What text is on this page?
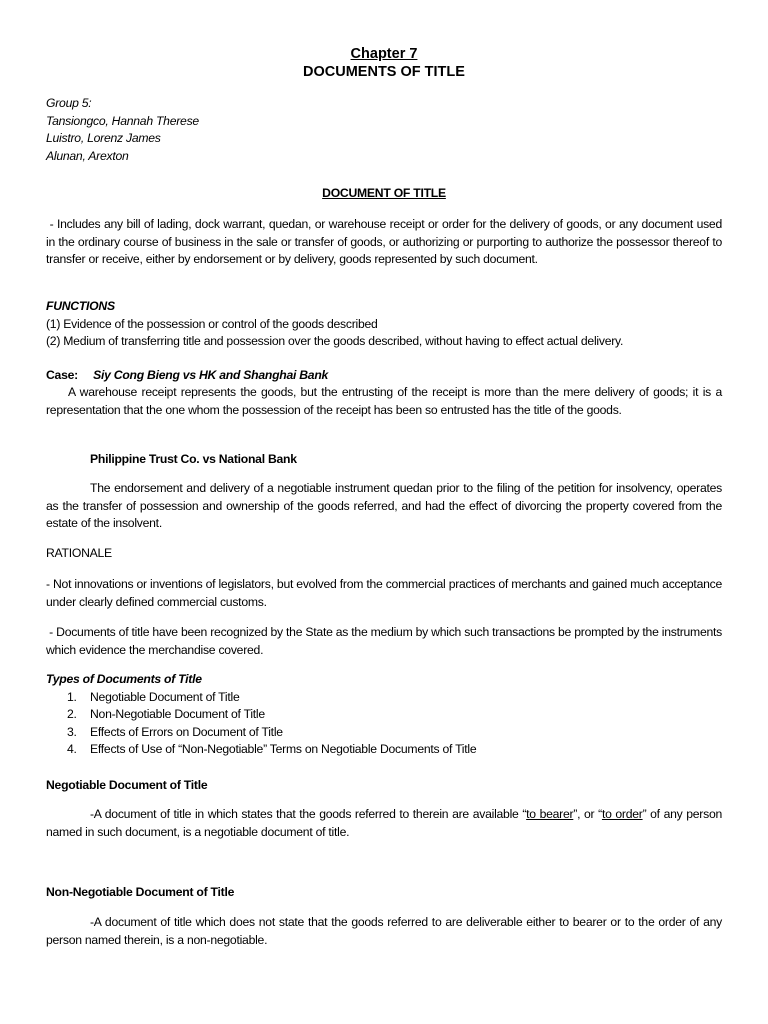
Chapter 7
DOCUMENTS OF TITLE
Group 5:
Tansiongco, Hannah Therese
Luistro, Lorenz James
Alunan, Arexton
DOCUMENT OF TITLE
- Includes any bill of lading, dock warrant, quedan, or warehouse receipt or order for the delivery of goods, or any document used in the ordinary course of business in the sale or transfer of goods, or authorizing or purporting to authorize the possessor thereof to transfer or receive, either by endorsement or by delivery, goods represented by such document.
FUNCTIONS
(1) Evidence of the possession or control of the goods described
(2) Medium of transferring title and possession over the goods described, without having to effect actual delivery.
Case: Siy Cong Bieng vs HK and Shanghai Bank
A warehouse receipt represents the goods, but the entrusting of the receipt is more than the mere delivery of goods; it is a representation that the one whom the possession of the receipt has been so entrusted has the title of the goods.
Philippine Trust Co. vs National Bank
The endorsement and delivery of a negotiable instrument quedan prior to the filing of the petition for insolvency, operates as the transfer of possession and ownership of the goods referred, and had the effect of divorcing the property covered from the estate of the insolvent.
RATIONALE
- Not innovations or inventions of legislators, but evolved from the commercial practices of merchants and gained much acceptance under clearly defined commercial customs.
- Documents of title have been recognized by the State as the medium by which such transactions be prompted by the instruments which evidence the merchandise covered.
Types of Documents of Title
1. Negotiable Document of Title
2. Non-Negotiable Document of Title
3. Effects of Errors on Document of Title
4. Effects of Use of “Non-Negotiable” Terms on Negotiable Documents of Title
Negotiable Document of Title
-A document of title in which states that the goods referred to therein are available “to bearer”, or “to order” of any person named in such document, is a negotiable document of title.
Non-Negotiable Document of Title
-A document of title which does not state that the goods referred to are deliverable either to bearer or to the order of any person named therein, is a non-negotiable.
